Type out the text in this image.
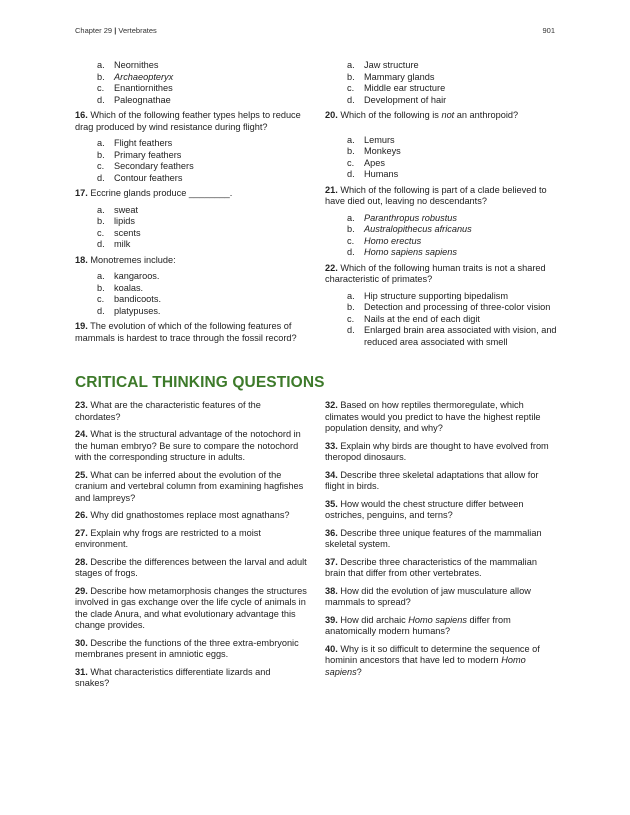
Chapter 29 | Vertebrates	901
a. Neornithes
b. Archaeopteryx
c. Enantiornithes
d. Paleognathae
16. Which of the following feather types helps to reduce drag produced by wind resistance during flight?
a. Flight feathers
b. Primary feathers
c. Secondary feathers
d. Contour feathers
17. Eccrine glands produce ________.
a. sweat
b. lipids
c. scents
d. milk
18. Monotremes include:
a. kangaroos.
b. koalas.
c. bandicoots.
d. platypuses.
19. The evolution of which of the following features of mammals is hardest to trace through the fossil record?
a. Jaw structure
b. Mammary glands
c. Middle ear structure
d. Development of hair
20. Which of the following is not an anthropoid?
a. Lemurs
b. Monkeys
c. Apes
d. Humans
21. Which of the following is part of a clade believed to have died out, leaving no descendants?
a. Paranthropus robustus
b. Australopithecus africanus
c. Homo erectus
d. Homo sapiens sapiens
22. Which of the following human traits is not a shared characteristic of primates?
a. Hip structure supporting bipedalism
b. Detection and processing of three-color vision
c. Nails at the end of each digit
d. Enlarged brain area associated with vision, and reduced area associated with smell
CRITICAL THINKING QUESTIONS
23. What are the characteristic features of the chordates?
24. What is the structural advantage of the notochord in the human embryo? Be sure to compare the notochord with the corresponding structure in adults.
25. What can be inferred about the evolution of the cranium and vertebral column from examining hagfishes and lampreys?
26. Why did gnathostomes replace most agnathans?
27. Explain why frogs are restricted to a moist environment.
28. Describe the differences between the larval and adult stages of frogs.
29. Describe how metamorphosis changes the structures involved in gas exchange over the life cycle of animals in the clade Anura, and what evolutionary advantage this change provides.
30. Describe the functions of the three extra-embryonic membranes present in amniotic eggs.
31. What characteristics differentiate lizards and snakes?
32. Based on how reptiles thermoregulate, which climates would you predict to have the highest reptile population density, and why?
33. Explain why birds are thought to have evolved from theropod dinosaurs.
34. Describe three skeletal adaptations that allow for flight in birds.
35. How would the chest structure differ between ostriches, penguins, and terns?
36. Describe three unique features of the mammalian skeletal system.
37. Describe three characteristics of the mammalian brain that differ from other vertebrates.
38. How did the evolution of jaw musculature allow mammals to spread?
39. How did archaic Homo sapiens differ from anatomically modern humans?
40. Why is it so difficult to determine the sequence of hominin ancestors that have led to modern Homo sapiens?
